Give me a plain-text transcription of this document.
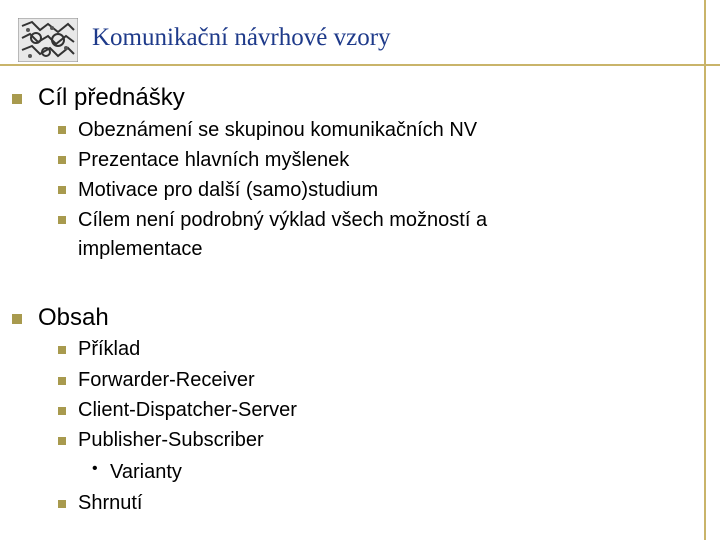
Komunikační návrhové vzory
Cíl přednášky
Obeznámení se skupinou komunikačních NV
Prezentace hlavních myšlenek
Motivace pro další (samo)studium
Cílem není podrobný výklad všech možností a
implementace
Obsah
Příklad
Forwarder-Receiver
Client-Dispatcher-Server
Publisher-Subscriber
• Varianty
Shrnutí
